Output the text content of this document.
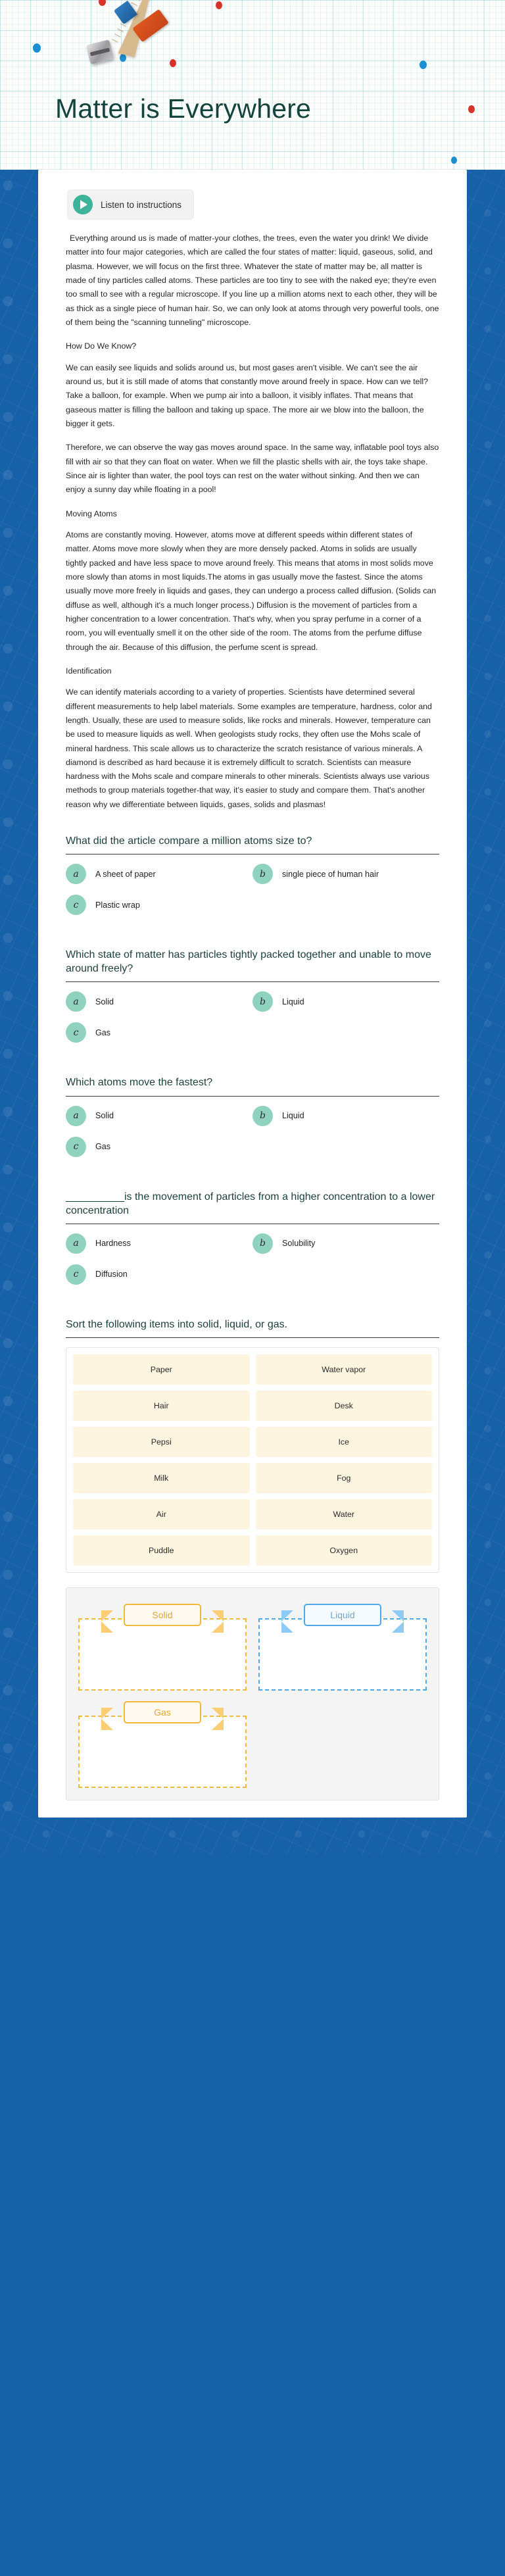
Matter is Everywhere
Listen to instructions

Everything around us is made of matter-your clothes, the trees, even the water you drink! We divide matter into four major categories, which are called the four states of matter: liquid, gaseous, solid, and plasma. However, we will focus on the first three. Whatever the state of matter may be, all matter is made of tiny particles called atoms. These particles are too tiny to see with the naked eye; they're even too small to see with a regular microscope. If you line up a million atoms next to each other, they will be as thick as a single piece of human hair. So, we can only look at atoms through very powerful tools, one of them being the "scanning tunneling" microscope.

How Do We Know?

We can easily see liquids and solids around us, but most gases aren't visible. We can't see the air around us, but it is still made of atoms that constantly move around freely in space. How can we tell? Take a balloon, for example. When we pump air into a balloon, it visibly inflates. That means that gaseous matter is filling the balloon and taking up space. The more air we blow into the balloon, the bigger it gets.

Therefore, we can observe the way gas moves around space. In the same way, inflatable pool toys also fill with air so that they can float on water. When we fill the plastic shells with air, the toys take shape. Since air is lighter than water, the pool toys can rest on the water without sinking. And then we can enjoy a sunny day while floating in a pool!

Moving Atoms

Atoms are constantly moving. However, atoms move at different speeds within different states of matter. Atoms move more slowly when they are more densely packed. Atoms in solids are usually tightly packed and have less space to move around freely. This means that atoms in most solids move more slowly than atoms in most liquids.The atoms in gas usually move the fastest. Since the atoms usually move more freely in liquids and gases, they can undergo a process called diffusion. (Solids can diffuse as well, although it's a much longer process.) Diffusion is the movement of particles from a higher concentration to a lower concentration. That's why, when you spray perfume in a corner of a room, you will eventually smell it on the other side of the room. The atoms from the perfume diffuse through the air. Because of this diffusion, the perfume scent is spread.

Identification

We can identify materials according to a variety of properties. Scientists have determined several different measurements to help label materials. Some examples are temperature, hardness, color and length. Usually, these are used to measure solids, like rocks and minerals. However, temperature can be used to measure liquids as well. When geologists study rocks, they often use the Mohs scale of mineral hardness. This scale allows us to characterize the scratch resistance of various minerals. A diamond is described as hard because it is extremely difficult to scratch. Scientists can measure hardness with the Mohs scale and compare minerals to other minerals. Scientists always use various methods to group materials together-that way, it's easier to study and compare them. That's another reason why we differentiate between liquids, gases, solids and plasmas!

What did the article compare a million atoms size to?
a	A sheet of paper	b	single piece of human hair
c	Plastic wrap
Which state of matter has particles tightly packed together and unable to move around freely?
a	Solid	b	Liquid
c	Gas
Which atoms move the fastest?
a	Solid	b	Liquid
c	Gas
__________is the movement of particles from a higher concentration to a lower concentration
a	Hardness	b	Solubility
c	Diffusion
Sort the following items into solid, liquid, or gas.
Paper	Water vapor
Hair	Desk
Pepsi	Ice
Milk	Fog
Air	Water
Puddle	Oxygen
Solid	Liquid
Gas
